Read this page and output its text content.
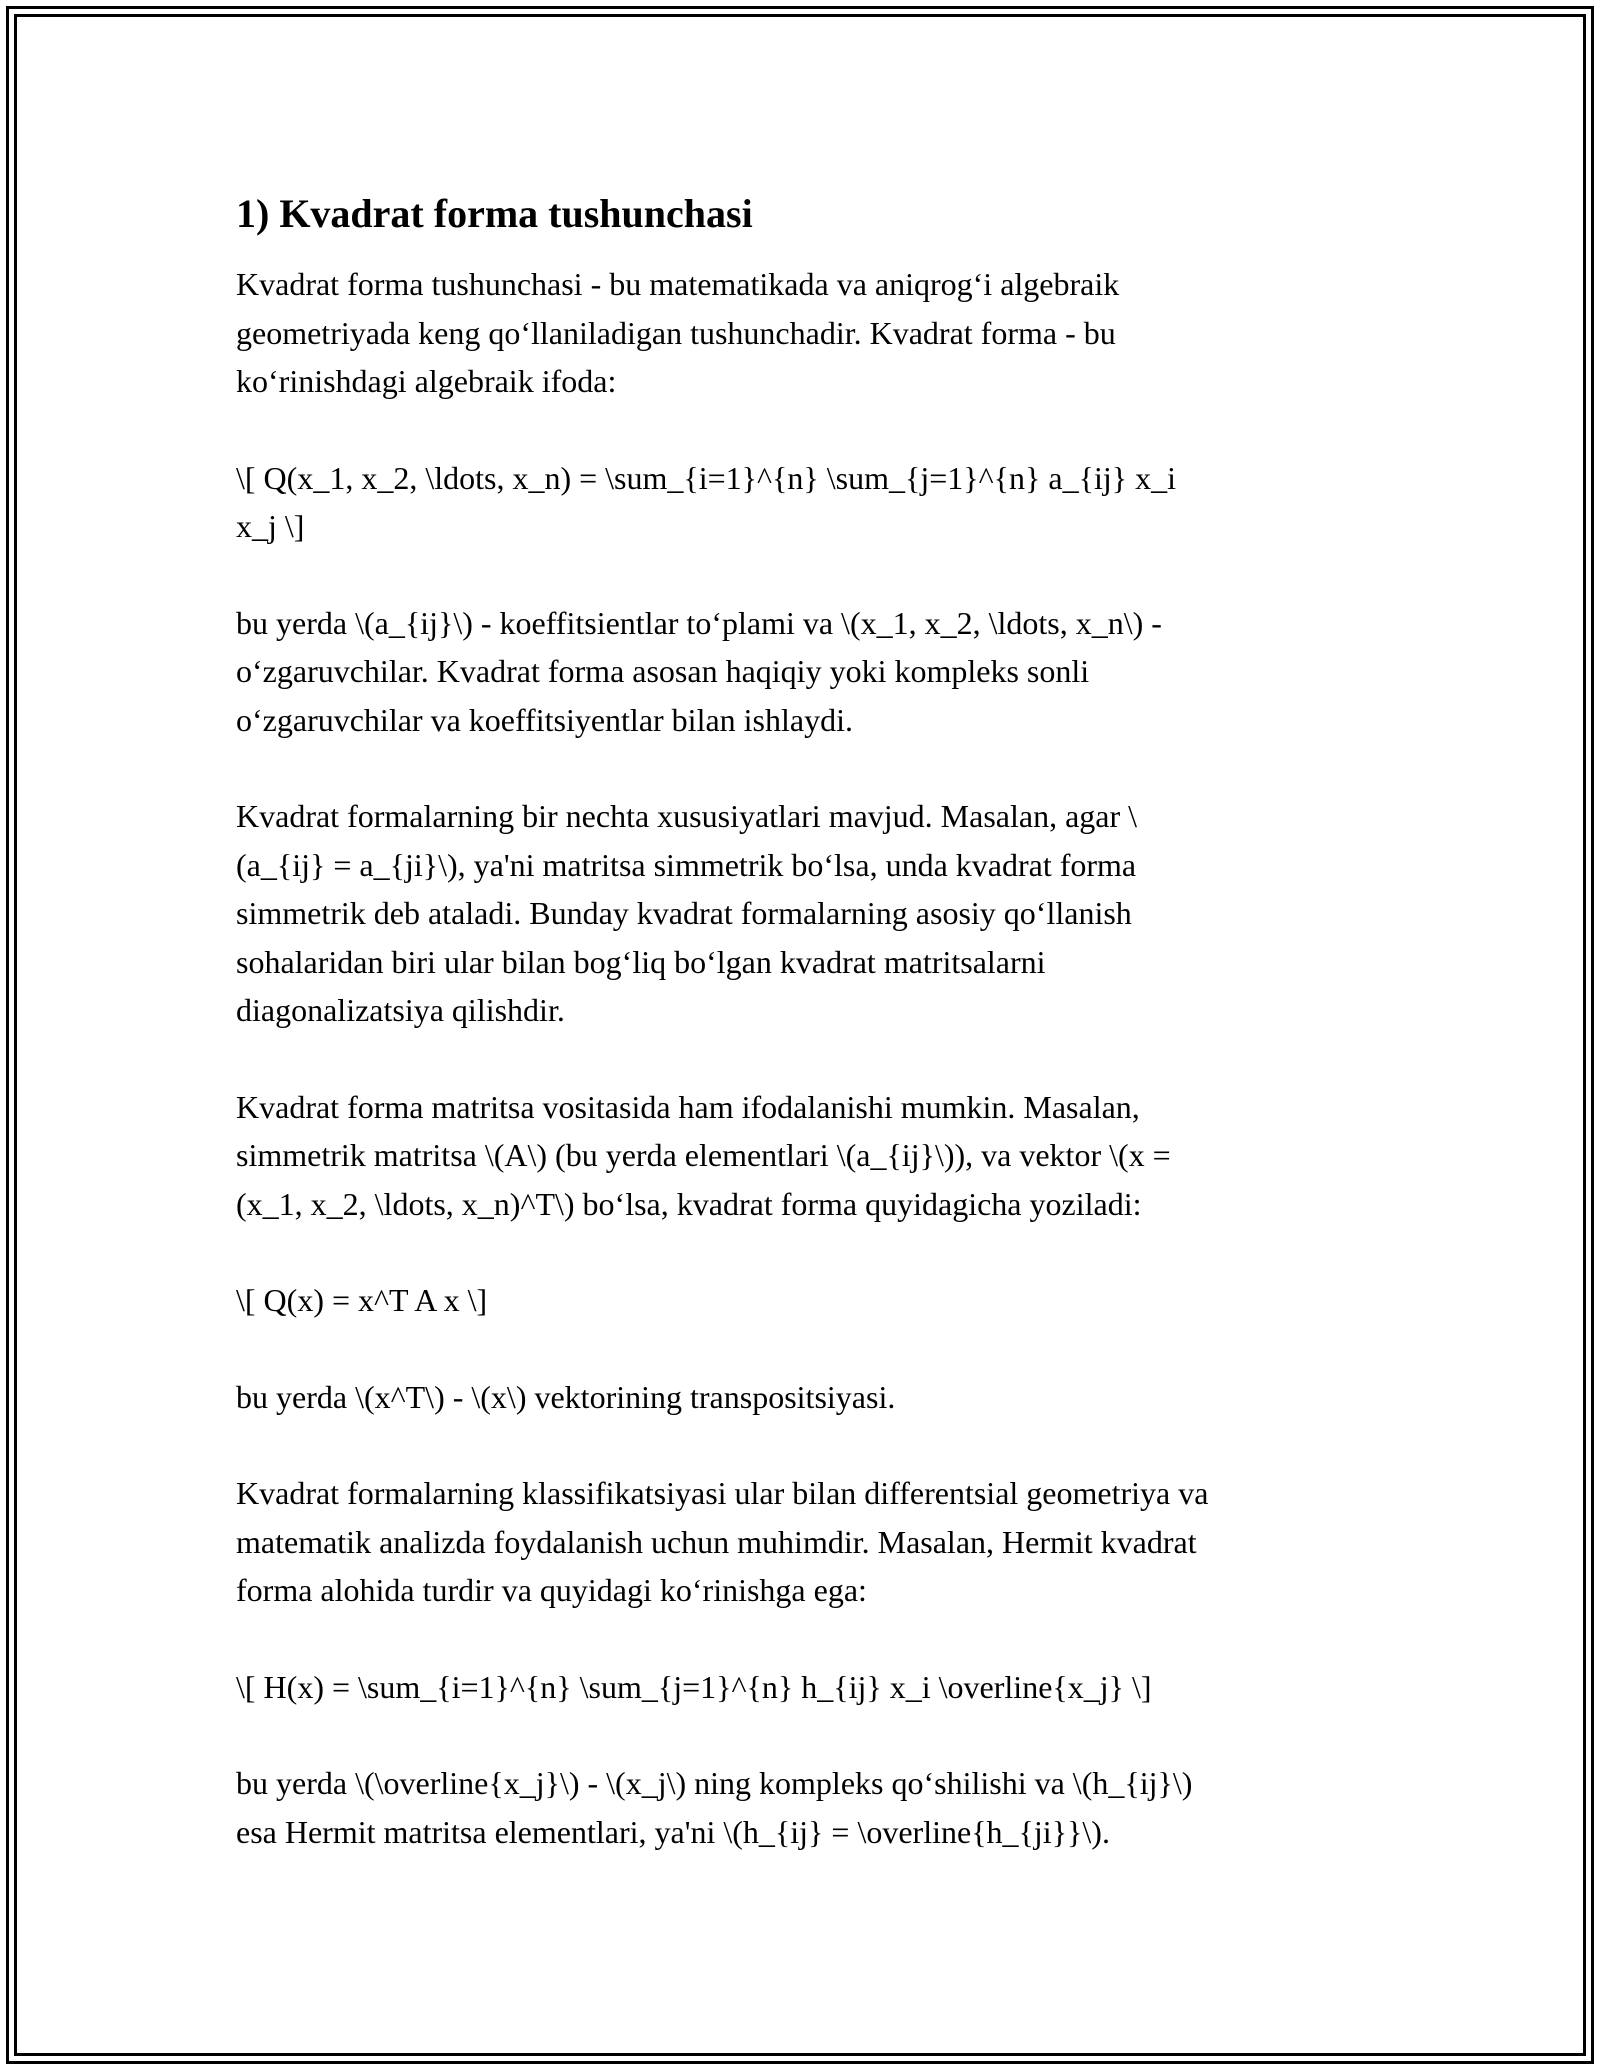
1) Kvadrat forma tushunchasi

Kvadrat forma tushunchasi - bu matematikada va aniqrog‘i algebraik
geometriyada keng qo‘llaniladigan tushunchadir. Kvadrat forma - bu
ko‘rinishdagi algebraik ifoda:

\[ Q(x_1, x_2, \ldots, x_n) = \sum_{i=1}^{n} \sum_{j=1}^{n} a_{ij} x_i
x_j \]

bu yerda \(a_{ij}\) - koeffitsientlar to‘plami va \(x_1, x_2, \ldots, x_n\) -
o‘zgaruvchilar. Kvadrat forma asosan haqiqiy yoki kompleks sonli
o‘zgaruvchilar va koeffitsiyentlar bilan ishlaydi.

Kvadrat formalarning bir nechta xususiyatlari mavjud. Masalan, agar \
(a_{ij} = a_{ji}\), ya'ni matritsa simmetrik bo‘lsa, unda kvadrat forma
simmetrik deb ataladi. Bunday kvadrat formalarning asosiy qo‘llanish
sohalaridan biri ular bilan bog‘liq bo‘lgan kvadrat matritsalarni
diagonalizatsiya qilishdir.

Kvadrat forma matritsa vositasida ham ifodalanishi mumkin. Masalan,
simmetrik matritsa \(A\) (bu yerda elementlari \(a_{ij}\)), va vektor \(x =
(x_1, x_2, \ldots, x_n)^T\) bo‘lsa, kvadrat forma quyidagicha yoziladi:

\[ Q(x) = x^T A x \]

bu yerda \(x^T\) - \(x\) vektorining transpositsiyasi.

Kvadrat formalarning klassifikatsiyasi ular bilan differentsial geometriya va
matematik analizda foydalanish uchun muhimdir. Masalan, Hermit kvadrat
forma alohida turdir va quyidagi ko‘rinishga ega:

\[ H(x) = \sum_{i=1}^{n} \sum_{j=1}^{n} h_{ij} x_i \overline{x_j} \]

bu yerda \(\overline{x_j}\) - \(x_j\) ning kompleks qo‘shilishi va \(h_{ij}\)
esa Hermit matritsa elementlari, ya'ni \(h_{ij} = \overline{h_{ji}}\).
